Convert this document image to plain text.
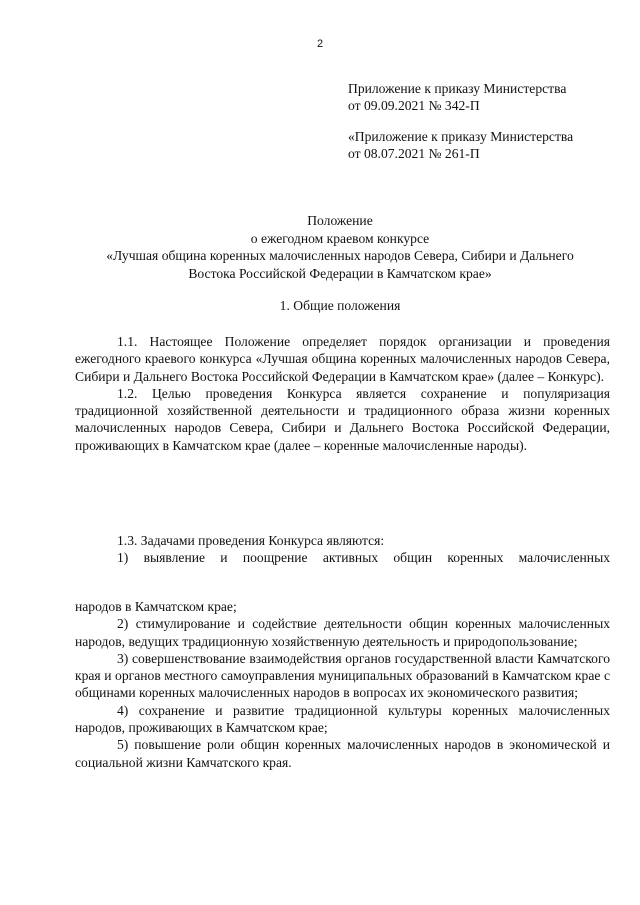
2
Приложение к приказу Министерства
от 09.09.2021 № 342-П
«Приложение к приказу Министерства
от 08.07.2021 № 261-П
Положение
о ежегодном краевом конкурсе
«Лучшая община коренных малочисленных народов Севера, Сибири и Дальнего
Востока Российской Федерации в Камчатском крае»
1. Общие положения

1.1. Настоящее Положение определяет порядок организации и проведения ежегодного краевого конкурса «Лучшая община коренных малочисленных народов Севера, Сибири и Дальнего Востока Российской Федерации в Камчатском крае» (далее – Конкурс).

1.2. Целью проведения Конкурса является сохранение и популяризация традиционной хозяйственной деятельности и традиционного образа жизни коренных малочисленных народов Севера, Сибири и Дальнего Востока Российской Федерации, проживающих в Камчатском крае (далее – коренные малочисленные народы).

1.3. Задачами проведения Конкурса являются:

1) выявление и поощрение активных общин коренных малочисленных

народов в Камчатском крае;

2) стимулирование и содействие деятельности общин коренных малочисленных народов, ведущих традиционную хозяйственную деятельность и природопользование;

3) совершенствование взаимодействия органов государственной власти Камчатского края и органов местного самоуправления муниципальных образований в Камчатском крае с общинами коренных малочисленных народов в вопросах их экономического развития;

4) сохранение и развитие традиционной культуры коренных малочисленных народов, проживающих в Камчатском крае;

5) повышение роли общин коренных малочисленных народов в экономической и социальной жизни Камчатского края.
